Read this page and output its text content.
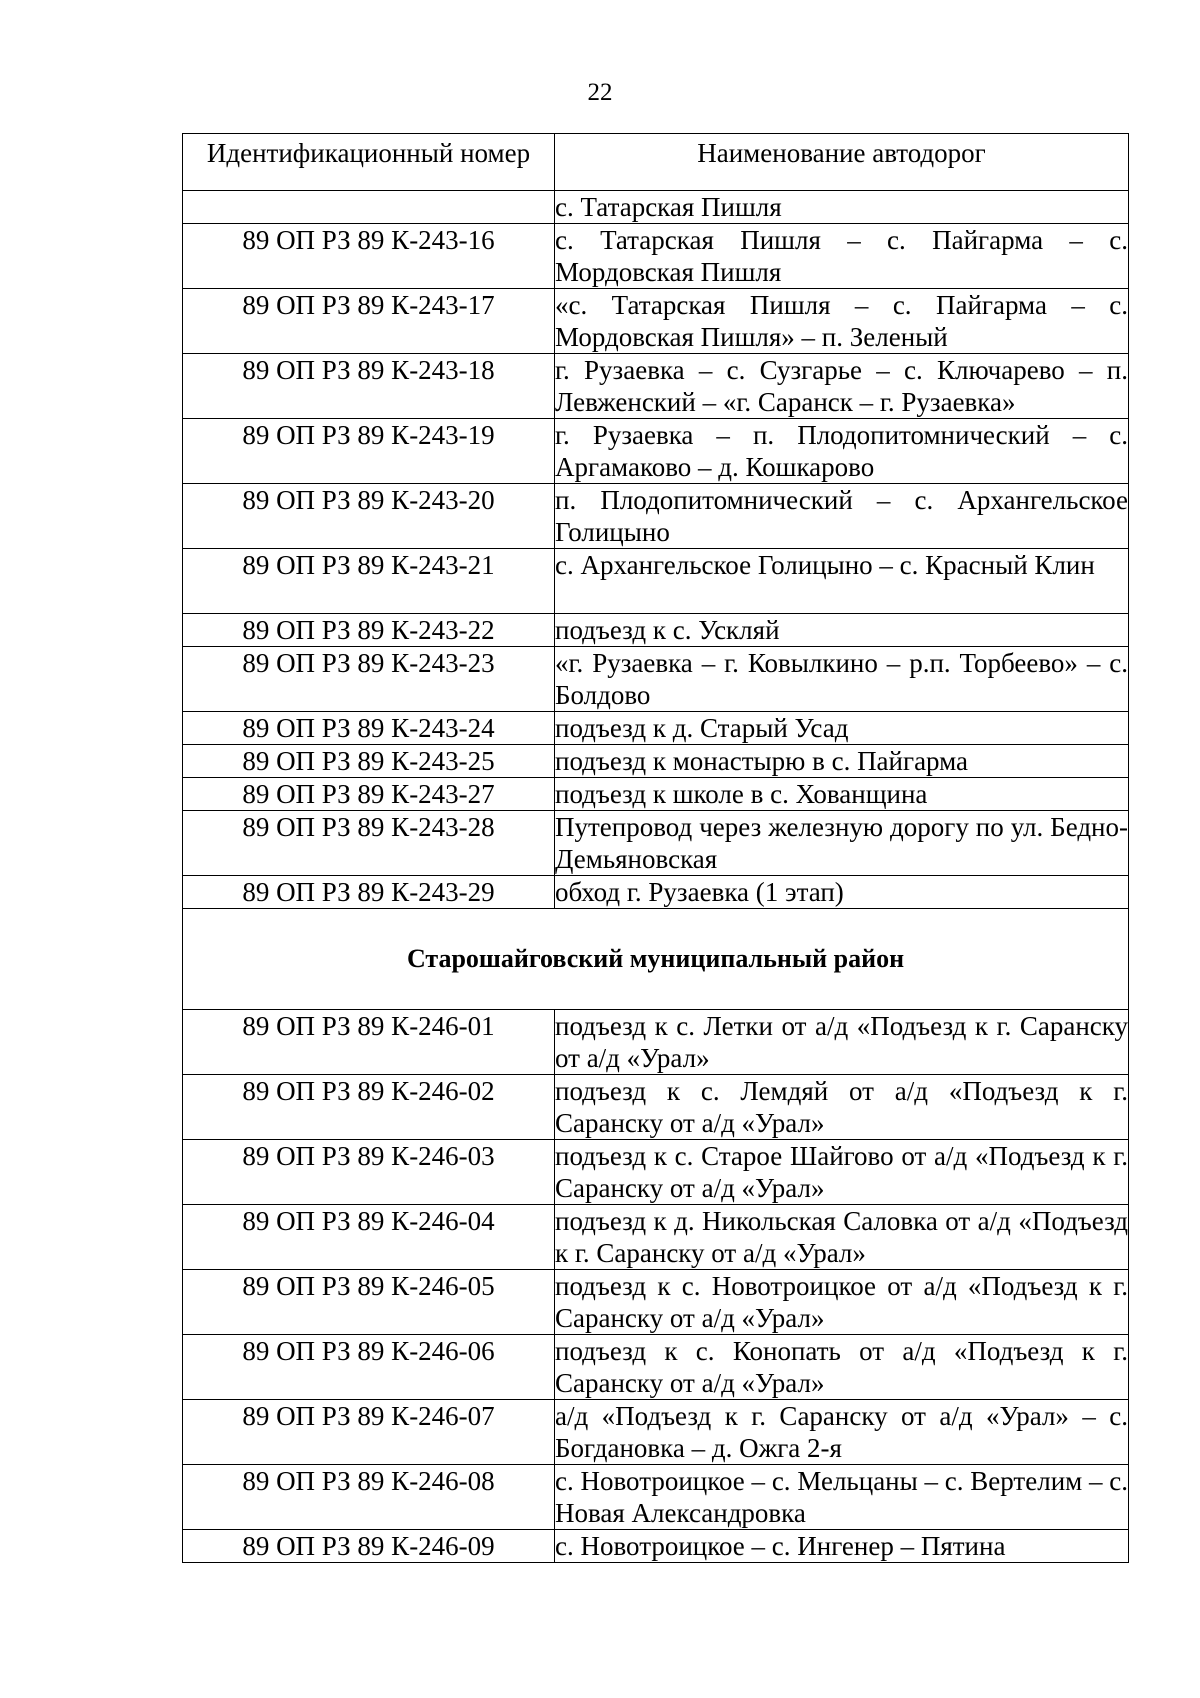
22
Идентификационный номер	Наименование автодорог
	с. Татарская Пишля
89 ОП РЗ 89 К-243-16	с. Татарская Пишля – с. Пайгарма – с. Мордовская Пишля
89 ОП РЗ 89 К-243-17	«с. Татарская Пишля – с. Пайгарма – с. Мордовская Пишля» – п. Зеленый
89 ОП РЗ 89 К-243-18	г. Рузаевка – с. Сузгарье – с. Ключарево – п. Левженский – «г. Саранск – г. Рузаевка»
89 ОП РЗ 89 К-243-19	г. Рузаевка – п. Плодопитомнический – с. Аргамаково – д. Кошкарово
89 ОП РЗ 89 К-243-20	п. Плодопитомнический – с. Архангельское Голицыно
89 ОП РЗ 89 К-243-21	с. Архангельское Голицыно – с. Красный Клин
89 ОП РЗ 89 К-243-22	подъезд к с. Ускляй
89 ОП РЗ 89 К-243-23	«г. Рузаевка – г. Ковылкино – р.п. Торбеево» – с. Болдово
89 ОП РЗ 89 К-243-24	подъезд к д. Старый Усад
89 ОП РЗ 89 К-243-25	подъезд к монастырю в с. Пайгарма
89 ОП РЗ 89 К-243-27	подъезд к школе в с. Хованщина
89 ОП РЗ 89 К-243-28	Путепровод через железную дорогу по ул. Бедно-Демьяновская
89 ОП РЗ 89 К-243-29	обход г. Рузаевка (1 этап)
Старошайговский муниципальный район	
89 ОП РЗ 89 К-246-01	подъезд к с. Летки от а/д «Подъезд к г. Саранску от а/д «Урал»
89 ОП РЗ 89 К-246-02	подъезд к с. Лемдяй от а/д «Подъезд к г. Саранску от а/д «Урал»
89 ОП РЗ 89 К-246-03	подъезд к с. Старое Шайгово от а/д «Подъезд к г. Саранску от а/д «Урал»
89 ОП РЗ 89 К-246-04	подъезд к д. Никольская Саловка от а/д «Подъезд к г. Саранску от а/д «Урал»
89 ОП РЗ 89 К-246-05	подъезд к с. Новотроицкое от а/д «Подъезд к г. Саранску от а/д «Урал»
89 ОП РЗ 89 К-246-06	подъезд к с. Конопать от а/д «Подъезд к г. Саранску от а/д «Урал»
89 ОП РЗ 89 К-246-07	а/д «Подъезд к г. Саранску от а/д «Урал» – с. Богдановка – д. Ожга 2-я
89 ОП РЗ 89 К-246-08	с. Новотроицкое – с. Мельцаны – с. Вертелим – с. Новая Александровка
89 ОП РЗ 89 К-246-09	с. Новотроицкое – с. Ингенер – Пятина
